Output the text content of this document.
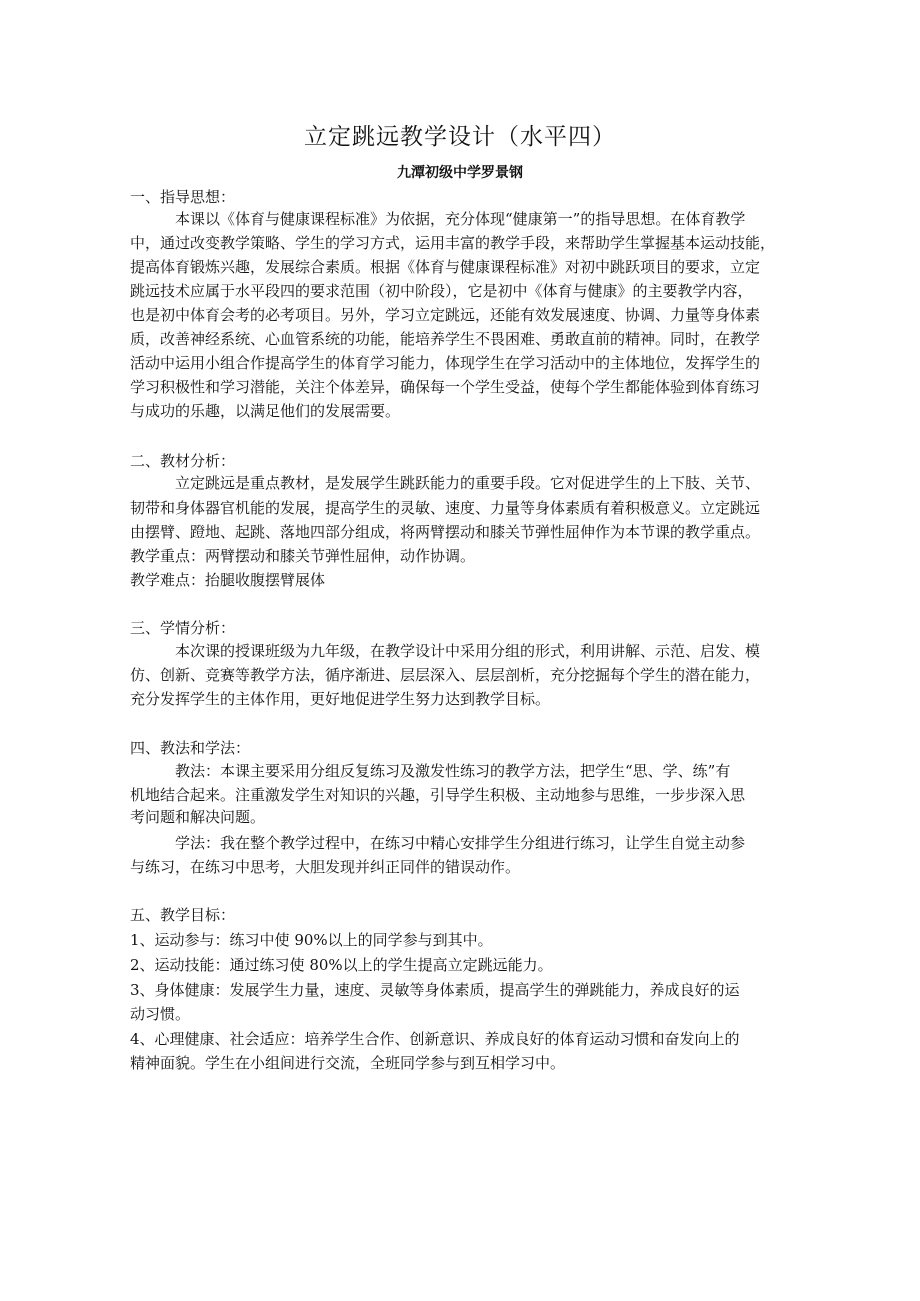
立定跳远教学设计（水平四）
九潭初级中学罗景钢
一、指导思想：
本课以《体育与健康课程标准》为依据，充分体现“健康第一”的指导思想。在体育教学
中，通过改变教学策略、学生的学习方式，运用丰富的教学手段，来帮助学生掌握基本运动技能，
提高体育锻炼兴趣，发展综合素质。根据《体育与健康课程标准》对初中跳跃项目的要求，立定
跳远技术应属于水平段四的要求范围（初中阶段），它是初中《体育与健康》的主要教学内容，
也是初中体育会考的必考项目。另外，学习立定跳远，还能有效发展速度、协调、力量等身体素
质，改善神经系统、心血管系统的功能，能培养学生不畏困难、勇敢直前的精神。同时，在教学
活动中运用小组合作提高学生的体育学习能力，体现学生在学习活动中的主体地位，发挥学生的
学习积极性和学习潜能，关注个体差异，确保每一个学生受益，使每个学生都能体验到体育练习
与成功的乐趣，以满足他们的发展需要。
二、教材分析：
立定跳远是重点教材，是发展学生跳跃能力的重要手段。它对促进学生的上下肢、关节、
韧带和身体器官机能的发展，提高学生的灵敏、速度、力量等身体素质有着积极意义。立定跳远
由摆臂、蹬地、起跳、落地四部分组成，将两臂摆动和膝关节弹性屈伸作为本节课的教学重点。
教学重点：两臂摆动和膝关节弹性屈伸，动作协调。
教学难点：抬腿收腹摆臂展体
三、学情分析：
本次课的授课班级为九年级，在教学设计中采用分组的形式，利用讲解、示范、启发、模
仿、创新、竞赛等教学方法，循序渐进、层层深入、层层剖析，充分挖掘每个学生的潜在能力，
充分发挥学生的主体作用，更好地促进学生努力达到教学目标。
四、教法和学法：
教法：本课主要采用分组反复练习及激发性练习的教学方法，把学生“思、学、练”有
机地结合起来。注重激发学生对知识的兴趣，引导学生积极、主动地参与思维，一步步深入思
考问题和解决问题。
学法：我在整个教学过程中，在练习中精心安排学生分组进行练习，让学生自觉主动参
与练习，在练习中思考，大胆发现并纠正同伴的错误动作。
五、教学目标：
1、运动参与：练习中使 90%以上的同学参与到其中。
2、运动技能：通过练习使 80%以上的学生提高立定跳远能力。
3、身体健康：发展学生力量，速度、灵敏等身体素质，提高学生的弹跳能力，养成良好的运
动习惯。
4、心理健康、社会适应：培养学生合作、创新意识、养成良好的体育运动习惯和奋发向上的
精神面貌。学生在小组间进行交流，全班同学参与到互相学习中。
